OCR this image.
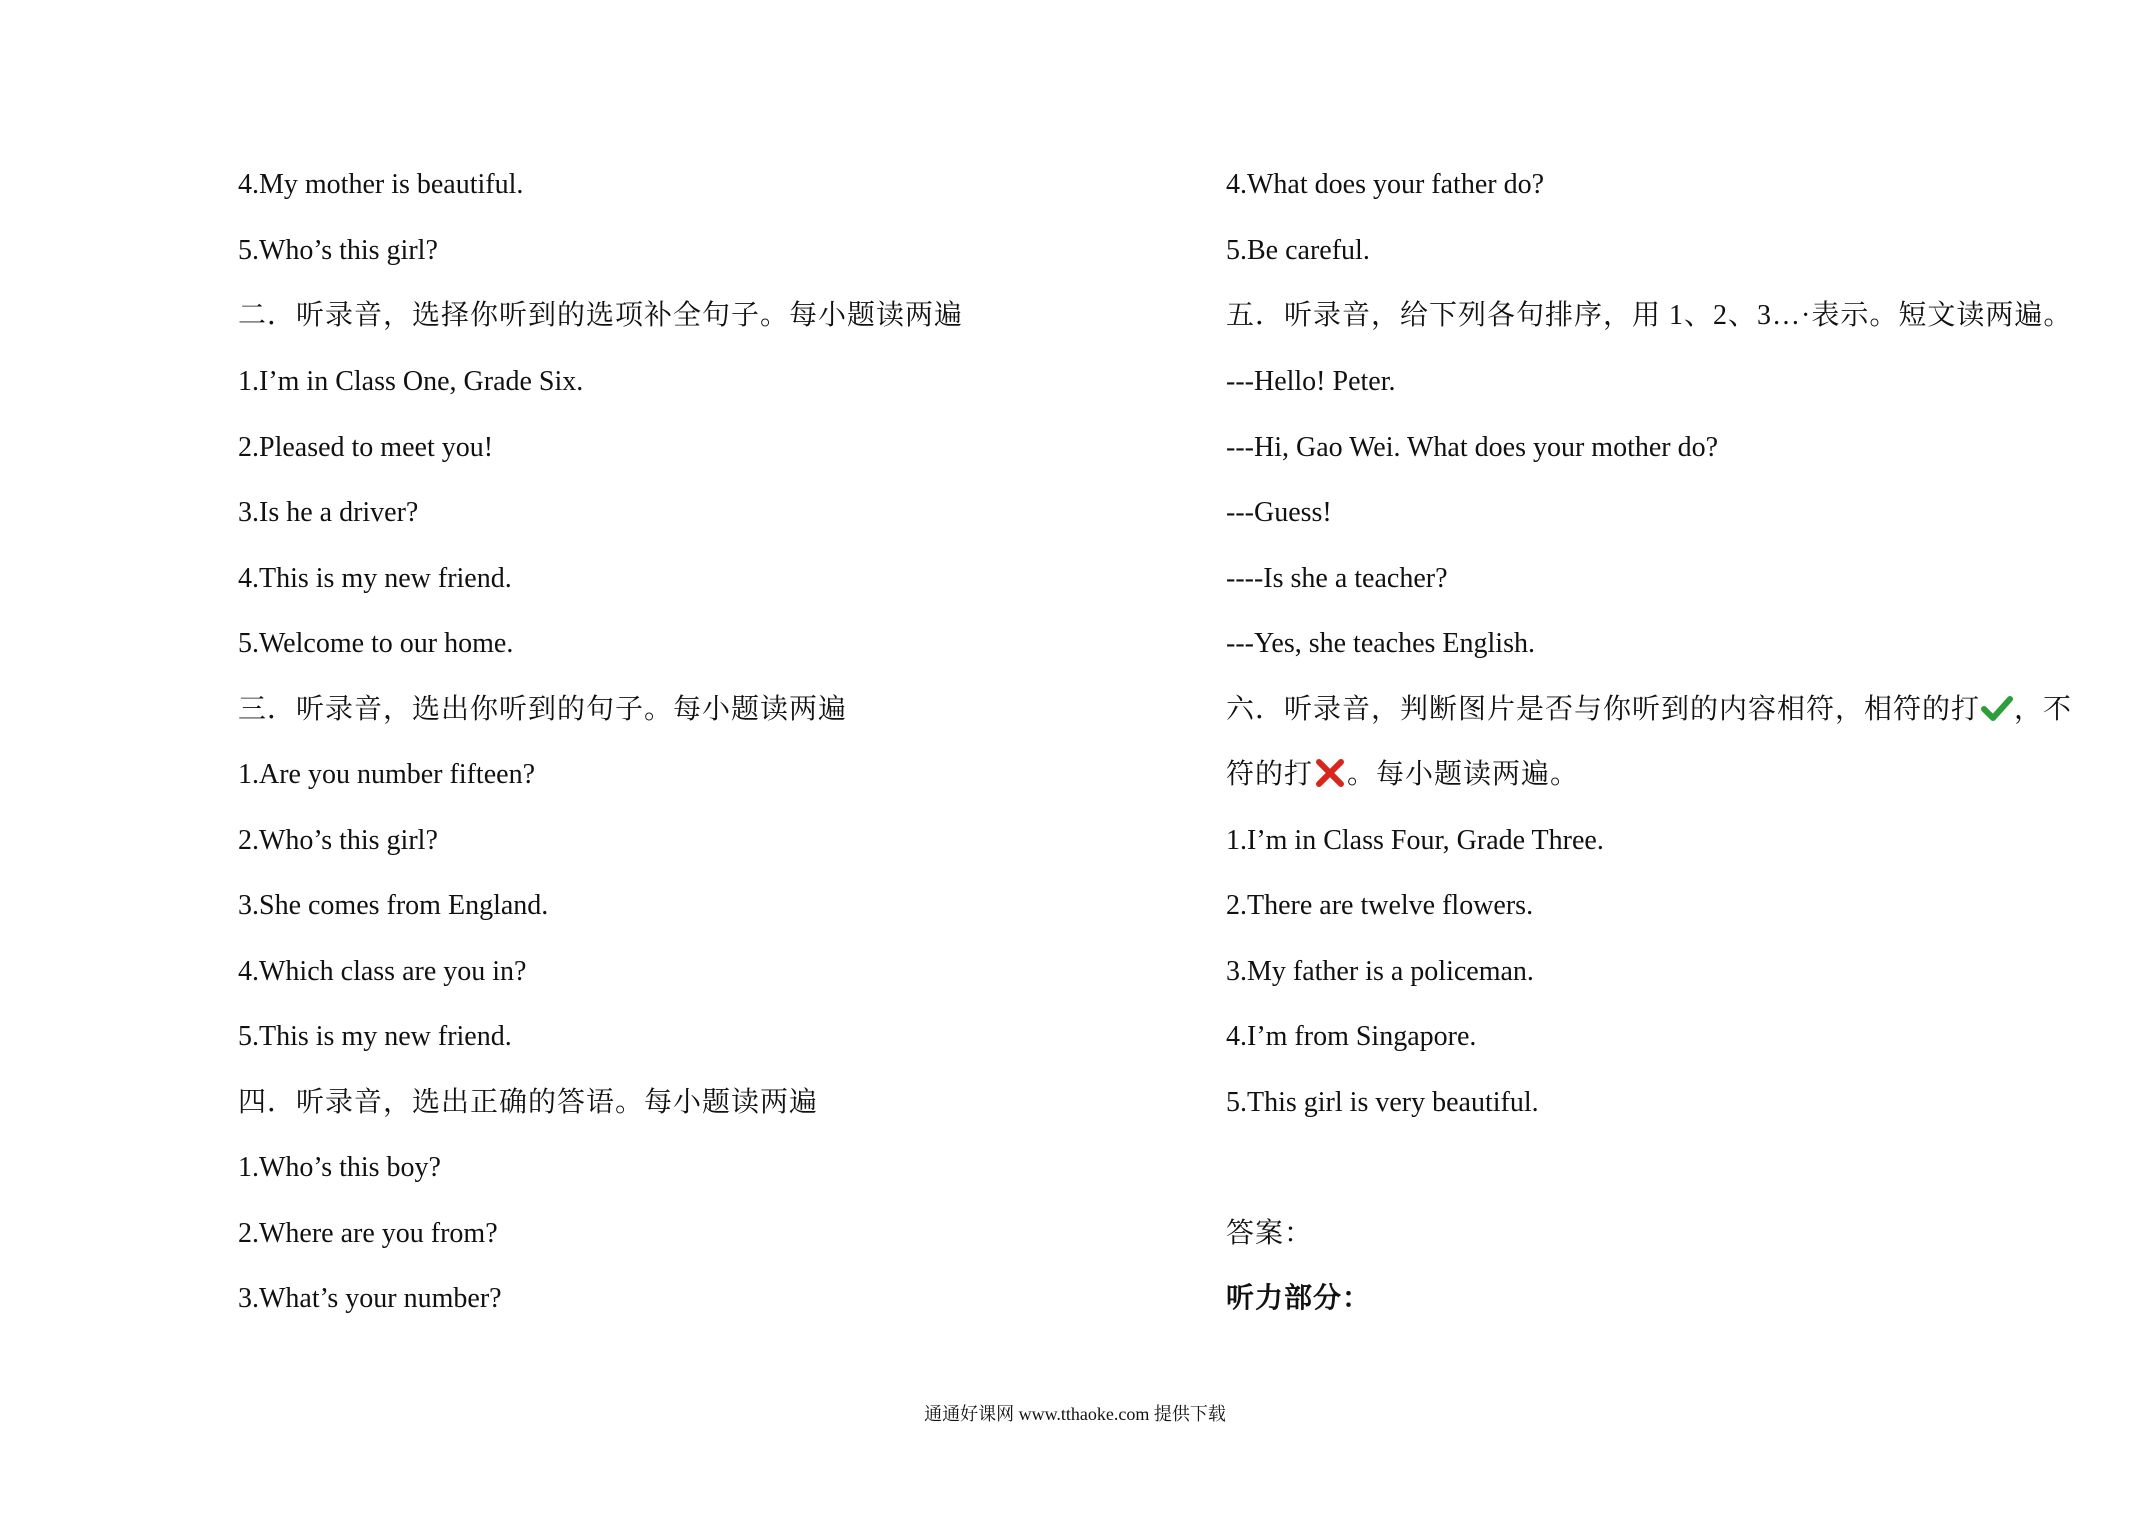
4.My mother is beautiful.
5.Who’s this girl?
二．听录音，选择你听到的选项补全句子。每小题读两遍
1.I’m in Class One, Grade Six.
2.Pleased to meet you!
3.Is he a driver?
4.This is my new friend.
5.Welcome to our home.
三．听录音，选出你听到的句子。每小题读两遍
1.Are you number fifteen?
2.Who’s this girl?
3.She comes from England.
4.Which class are you in?
5.This is my new friend.
四．听录音，选出正确的答语。每小题读两遍
1.Who’s this boy?
2.Where are you from?
3.What’s your number?
4.What does your father do?
5.Be careful.
五．听录音，给下列各句排序，用 1、2、3…·表示。短文读两遍。
---Hello! Peter.
---Hi, Gao Wei. What does your mother do?
---Guess!
----Is she a teacher?
---Yes, she teaches English.
六．听录音，判断图片是否与你听到的内容相符，相符的打 ，不
符的打 。每小题读两遍。
1.I’m in Class Four, Grade Three.
2.There are twelve flowers.
3.My father is a policeman.
4.I’m from Singapore.
5.This girl is very beautiful.
答案：
听力部分：
通通好课网 www.tthaoke.com 提供下载
